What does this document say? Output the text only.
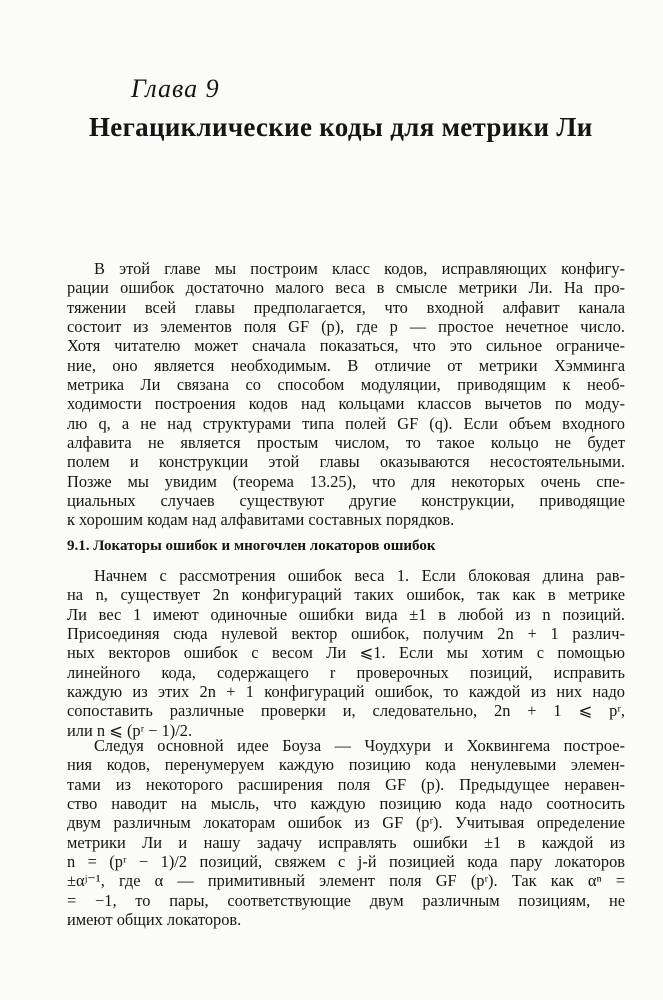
Глава 9
Негациклические коды для метрики Ли
В этой главе мы построим класс кодов, исправляющих конфигу-
рации ошибок достаточно малого веса в смысле метрики Ли. На про-
тяжении всей главы предполагается, что входной алфавит канала
состоит из элементов поля GF (p), где p — простое нечетное число.
Хотя читателю может сначала показаться, что это сильное ограниче-
ние, оно является необходимым. В отличие от метрики Хэмминга
метрика Ли связана со способом модуляции, приводящим к необ-
ходимости построения кодов над кольцами классов вычетов по моду-
лю q, а не над структурами типа полей GF (q). Если объем входного
алфавита не является простым числом, то такое кольцо не будет
полем и конструкции этой главы оказываются несостоятельными.
Позже мы увидим (теорема 13.25), что для некоторых очень спе-
циальных случаев существуют другие конструкции, приводящие
к хорошим кодам над алфавитами составных порядков.
9.1. Локаторы ошибок и многочлен локаторов ошибок
Начнем с рассмотрения ошибок веса 1. Если блоковая длина рав-
на n, существует 2n конфигураций таких ошибок, так как в метрике
Ли вес 1 имеют одиночные ошибки вида ±1 в любой из n позиций.
Присоединяя сюда нулевой вектор ошибок, получим 2n + 1 различ-
ных векторов ошибок с весом Ли ⩽1. Если мы хотим с помощью
линейного кода, содержащего r проверочных позиций, исправить
каждую из этих 2n + 1 конфигураций ошибок, то каждой из них надо
сопоставить различные проверки и, следовательно, 2n + 1 ⩽ pʳ,
или n ⩽ (pʳ − 1)/2.
Следуя основной идее Боуза — Чоудхури и Хоквингема построе-
ния кодов, перенумеруем каждую позицию кода ненулевыми элемен-
тами из некоторого расширения поля GF (p). Предыдущее неравен-
ство наводит на мысль, что каждую позицию кода надо соотносить
двум различным локаторам ошибок из GF (pʳ). Учитывая определение
метрики Ли и нашу задачу исправлять ошибки ±1 в каждой из
n = (pʳ − 1)/2 позиций, свяжем с j-й позицией кода пару локаторов
±αʲ⁻¹, где α — примитивный элемент поля GF (pʳ). Так как αⁿ =
= −1, то пары, соответствующие двум различным позициям, не
имеют общих локаторов.
